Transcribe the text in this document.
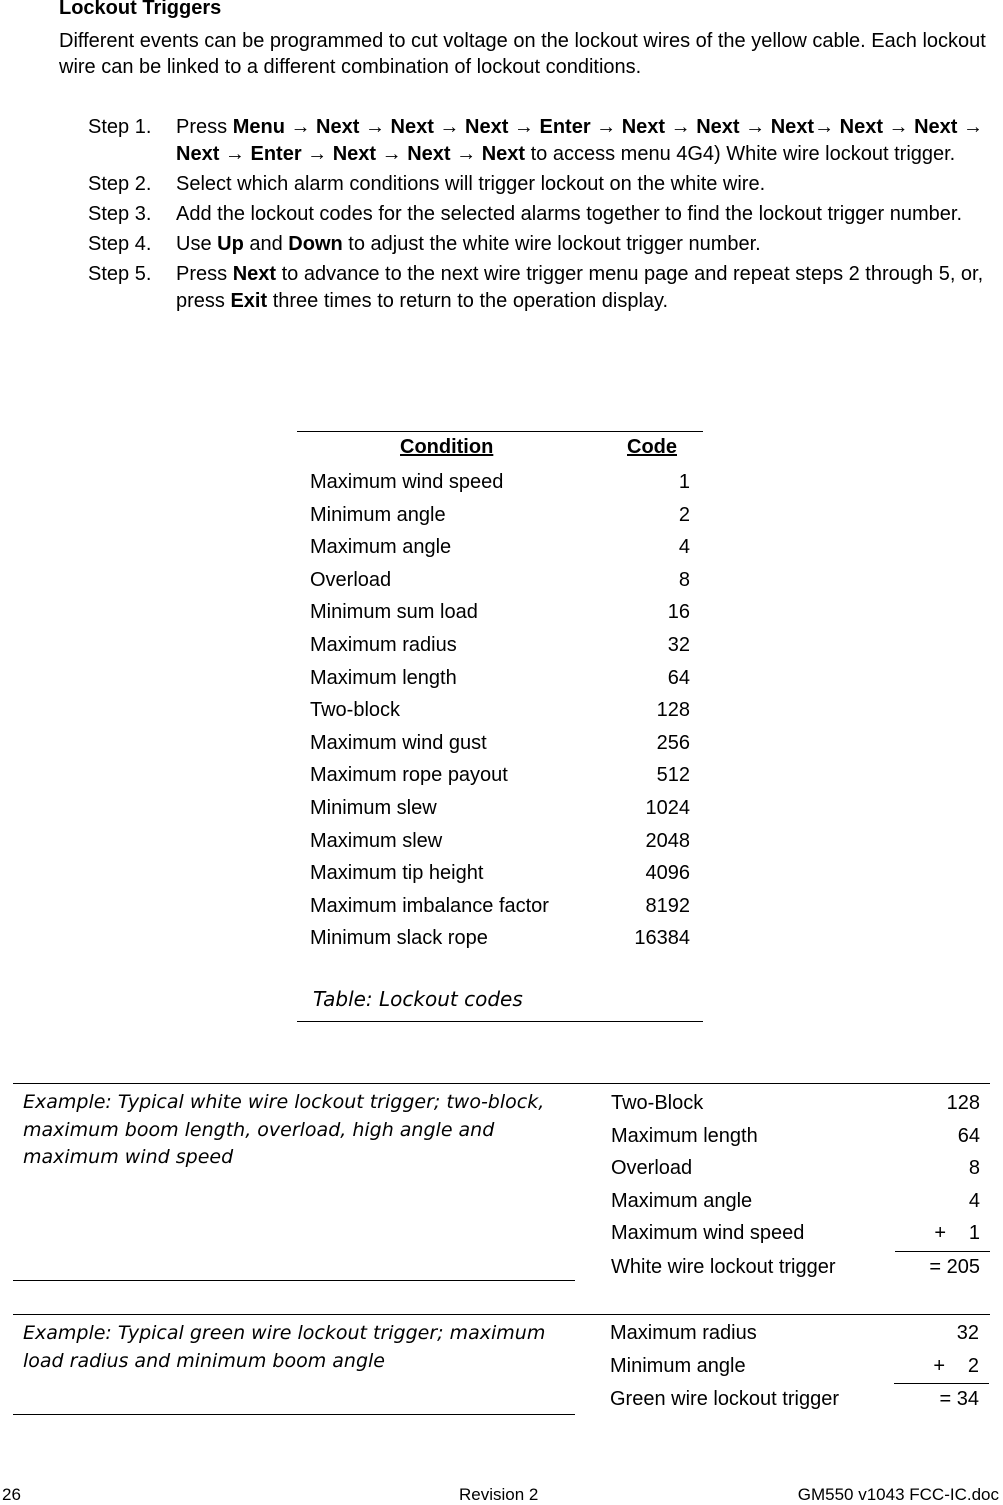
Lockout Triggers
Different events can be programmed to cut voltage on the lockout wires of the yellow cable. Each lockout wire can be linked to a different combination of lockout conditions.
Step 1.	Press Menu → Next → Next → Next → Enter → Next → Next → Next→ Next → Next → Next → Enter → Next → Next → Next to access menu 4G4) White wire lockout trigger.
Step 2.	Select which alarm conditions will trigger lockout on the white wire.
Step 3.	Add the lockout codes for the selected alarms together to find the lockout trigger number.
Step 4.	Use Up and Down to adjust the white wire lockout trigger number.
Step 5.	Press Next to advance to the next wire trigger menu page and repeat steps 2 through 5, or, press Exit three times to return to the operation display.
Condition	Code
Maximum wind speed	1
Minimum angle	2
Maximum angle	4
Overload	8
Minimum sum load	16
Maximum radius	32
Maximum length	64
Two-block	128
Maximum wind gust	256
Maximum rope payout	512
Minimum slew	1024
Maximum slew	2048
Maximum tip height	4096
Maximum imbalance factor	8192
Minimum slack rope	16384
Table: Lockout codes
Example: Typical white wire lockout trigger; two-block, maximum boom length, overload, high angle and maximum wind speed
Two-Block	128
Maximum length	64
Overload	8
Maximum angle	4
Maximum wind speed	1
+
White wire lockout trigger	= 205
Example: Typical green wire lockout trigger; maximum load radius and minimum boom angle
Maximum radius	32
Minimum angle	2
+
Green wire lockout trigger	= 34
26	Revision 2	GM550 v1043 FCC-IC.doc
